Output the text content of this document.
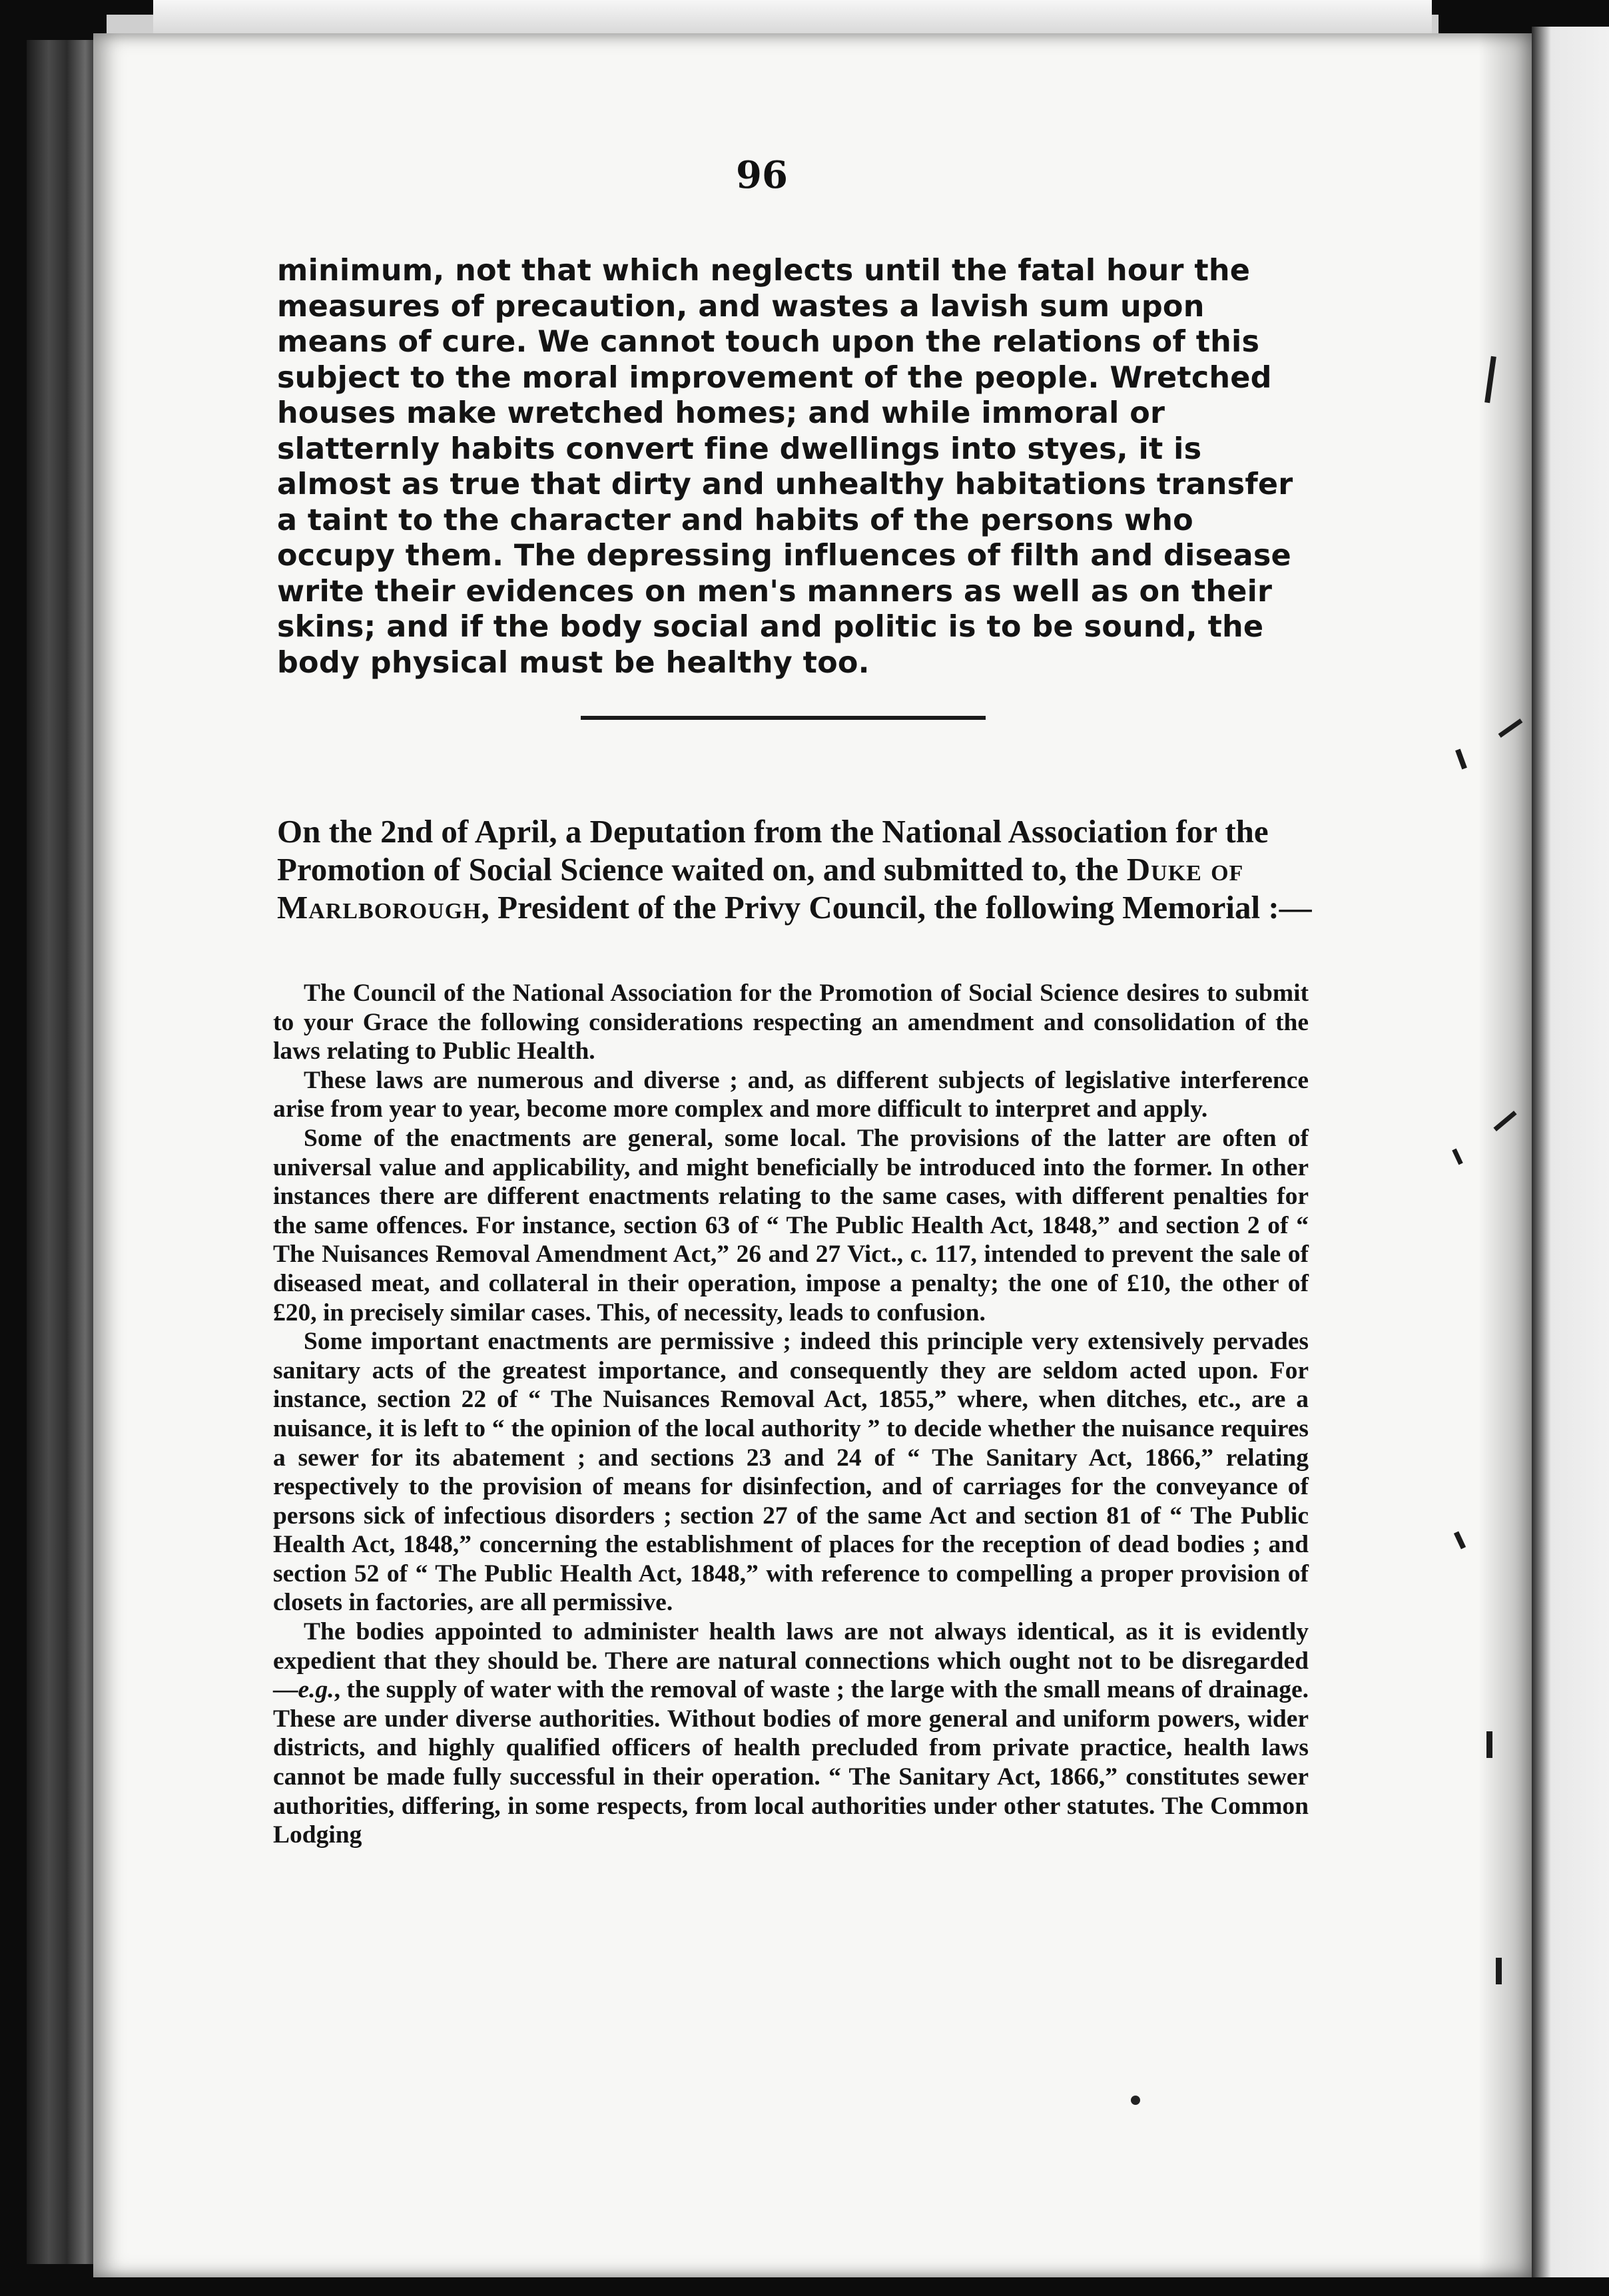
96

minimum, not that which neglects until the fatal hour the measures of precaution, and wastes a lavish sum upon means of cure. We cannot touch upon the relations of this subject to the moral improvement of the people. Wretched houses make wretched homes; and while immoral or slatternly habits convert fine dwellings into styes, it is almost as true that dirty and unhealthy habitations transfer a taint to the character and habits of the persons who occupy them. The depressing influences of filth and disease write their evidences on men's manners as well as on their skins; and if the body social and politic is to be sound, the body physical must be healthy too.

On the 2nd of April, a Deputation from the National Association for the Promotion of Social Science waited on, and submitted to, the Duke of Marlborough, President of the Privy Council, the following Memorial :—

The Council of the National Association for the Promotion of Social Science desires to submit to your Grace the following considerations respecting an amendment and consolidation of the laws relating to Public Health.

These laws are numerous and diverse ; and, as different subjects of legislative interference arise from year to year, become more complex and more difficult to interpret and apply.

Some of the enactments are general, some local. The provisions of the latter are often of universal value and applicability, and might beneficially be introduced into the former. In other instances there are different enactments relating to the same cases, with different penalties for the same offences. For instance, section 63 of “ The Public Health Act, 1848,” and section 2 of “ The Nuisances Removal Amendment Act,” 26 and 27 Vict., c. 117, intended to prevent the sale of diseased meat, and collateral in their operation, impose a penalty; the one of £10, the other of £20, in precisely similar cases. This, of necessity, leads to confusion.

Some important enactments are permissive ; indeed this principle very extensively pervades sanitary acts of the greatest importance, and consequently they are seldom acted upon. For instance, section 22 of “ The Nuisances Removal Act, 1855,” where, when ditches, etc., are a nuisance, it is left to “ the opinion of the local authority ” to decide whether the nuisance requires a sewer for its abatement ; and sections 23 and 24 of “ The Sanitary Act, 1866,” relating respectively to the provision of means for disinfection, and of carriages for the conveyance of persons sick of infectious disorders ; section 27 of the same Act and section 81 of “ The Public Health Act, 1848,” concerning the establishment of places for the reception of dead bodies ; and section 52 of “ The Public Health Act, 1848,” with reference to compelling a proper provision of closets in factories, are all permissive.

The bodies appointed to administer health laws are not always identical, as it is evidently expedient that they should be. There are natural connections which ought not to be disregarded—e.g., the supply of water with the removal of waste ; the large with the small means of drainage. These are under diverse authorities. Without bodies of more general and uniform powers, wider districts, and highly qualified officers of health precluded from private practice, health laws cannot be made fully successful in their operation. “ The Sanitary Act, 1866,” constitutes sewer authorities, differing, in some respects, from local authorities under other statutes. The Common Lodging
